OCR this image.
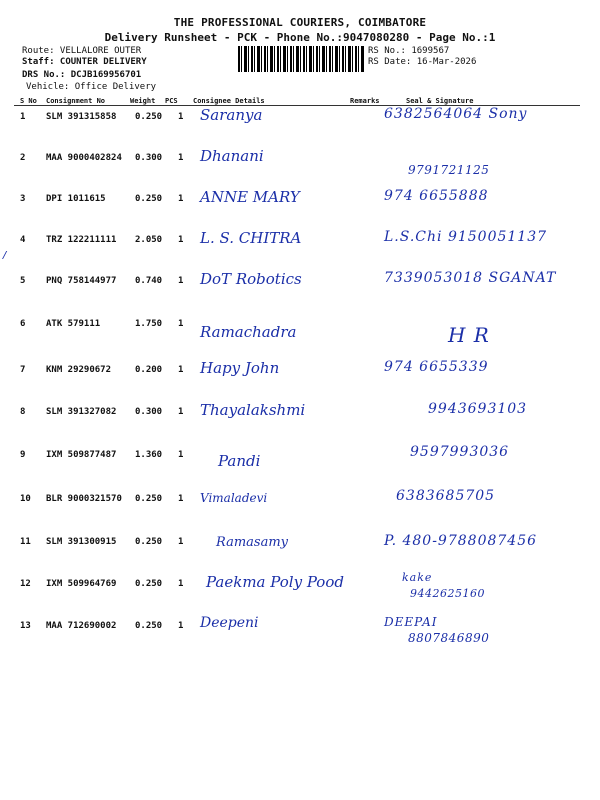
THE PROFESSIONAL COURIERS, COIMBATORE
Delivery Runsheet - PCK - Phone No.:9047080280 - Page No.:1
Route: VELLALORE OUTER
Staff: COUNTER DELIVERY
DRS No.: DCJB169956701
Vehicle: Office Delivery
RS No.: 1699567
RS Date: 16-Mar-2026
S No Consignment No	Weight PCS Consignee Details	Remarks	Seal & Signature
/
1 SLM 391315858 0.250 1 Saranya	6382564064 Sony
2 MAA 9000402824 0.300 1 Dhanani
9791721125
3 DPI 1011615	0.250 1 ANNE MARY	974 6655888
4 TRZ 122211111 2.050 1 L. S. CHITRA	L.S.Chi 9150051137
5 PNQ 758144977 0.740 1 DoT Robotics	7339053018 SGANAT
6 ATK 579111	1.750 1 Ramachadra	H R
7 KNM 29290672	0.200 1 Hapy John	974 6655339
8 SLM 391327082 0.300 1 Thayalakshmi	9943693103
9 IXM 509877487 1.360 1 Pandi	9597993036
10 BLR 9000321570 0.250 1 Vimaladevi	6383685705
11 SLM 391300915 0.250 1	Ramasamy	P. 480-9788087456
12 IXM 509964769 0.250 1 Paekma Poly Pood	kake
9442625160
13 MAA 712690002 0.250 1 Deepeni	DEEPAI
8807846890
